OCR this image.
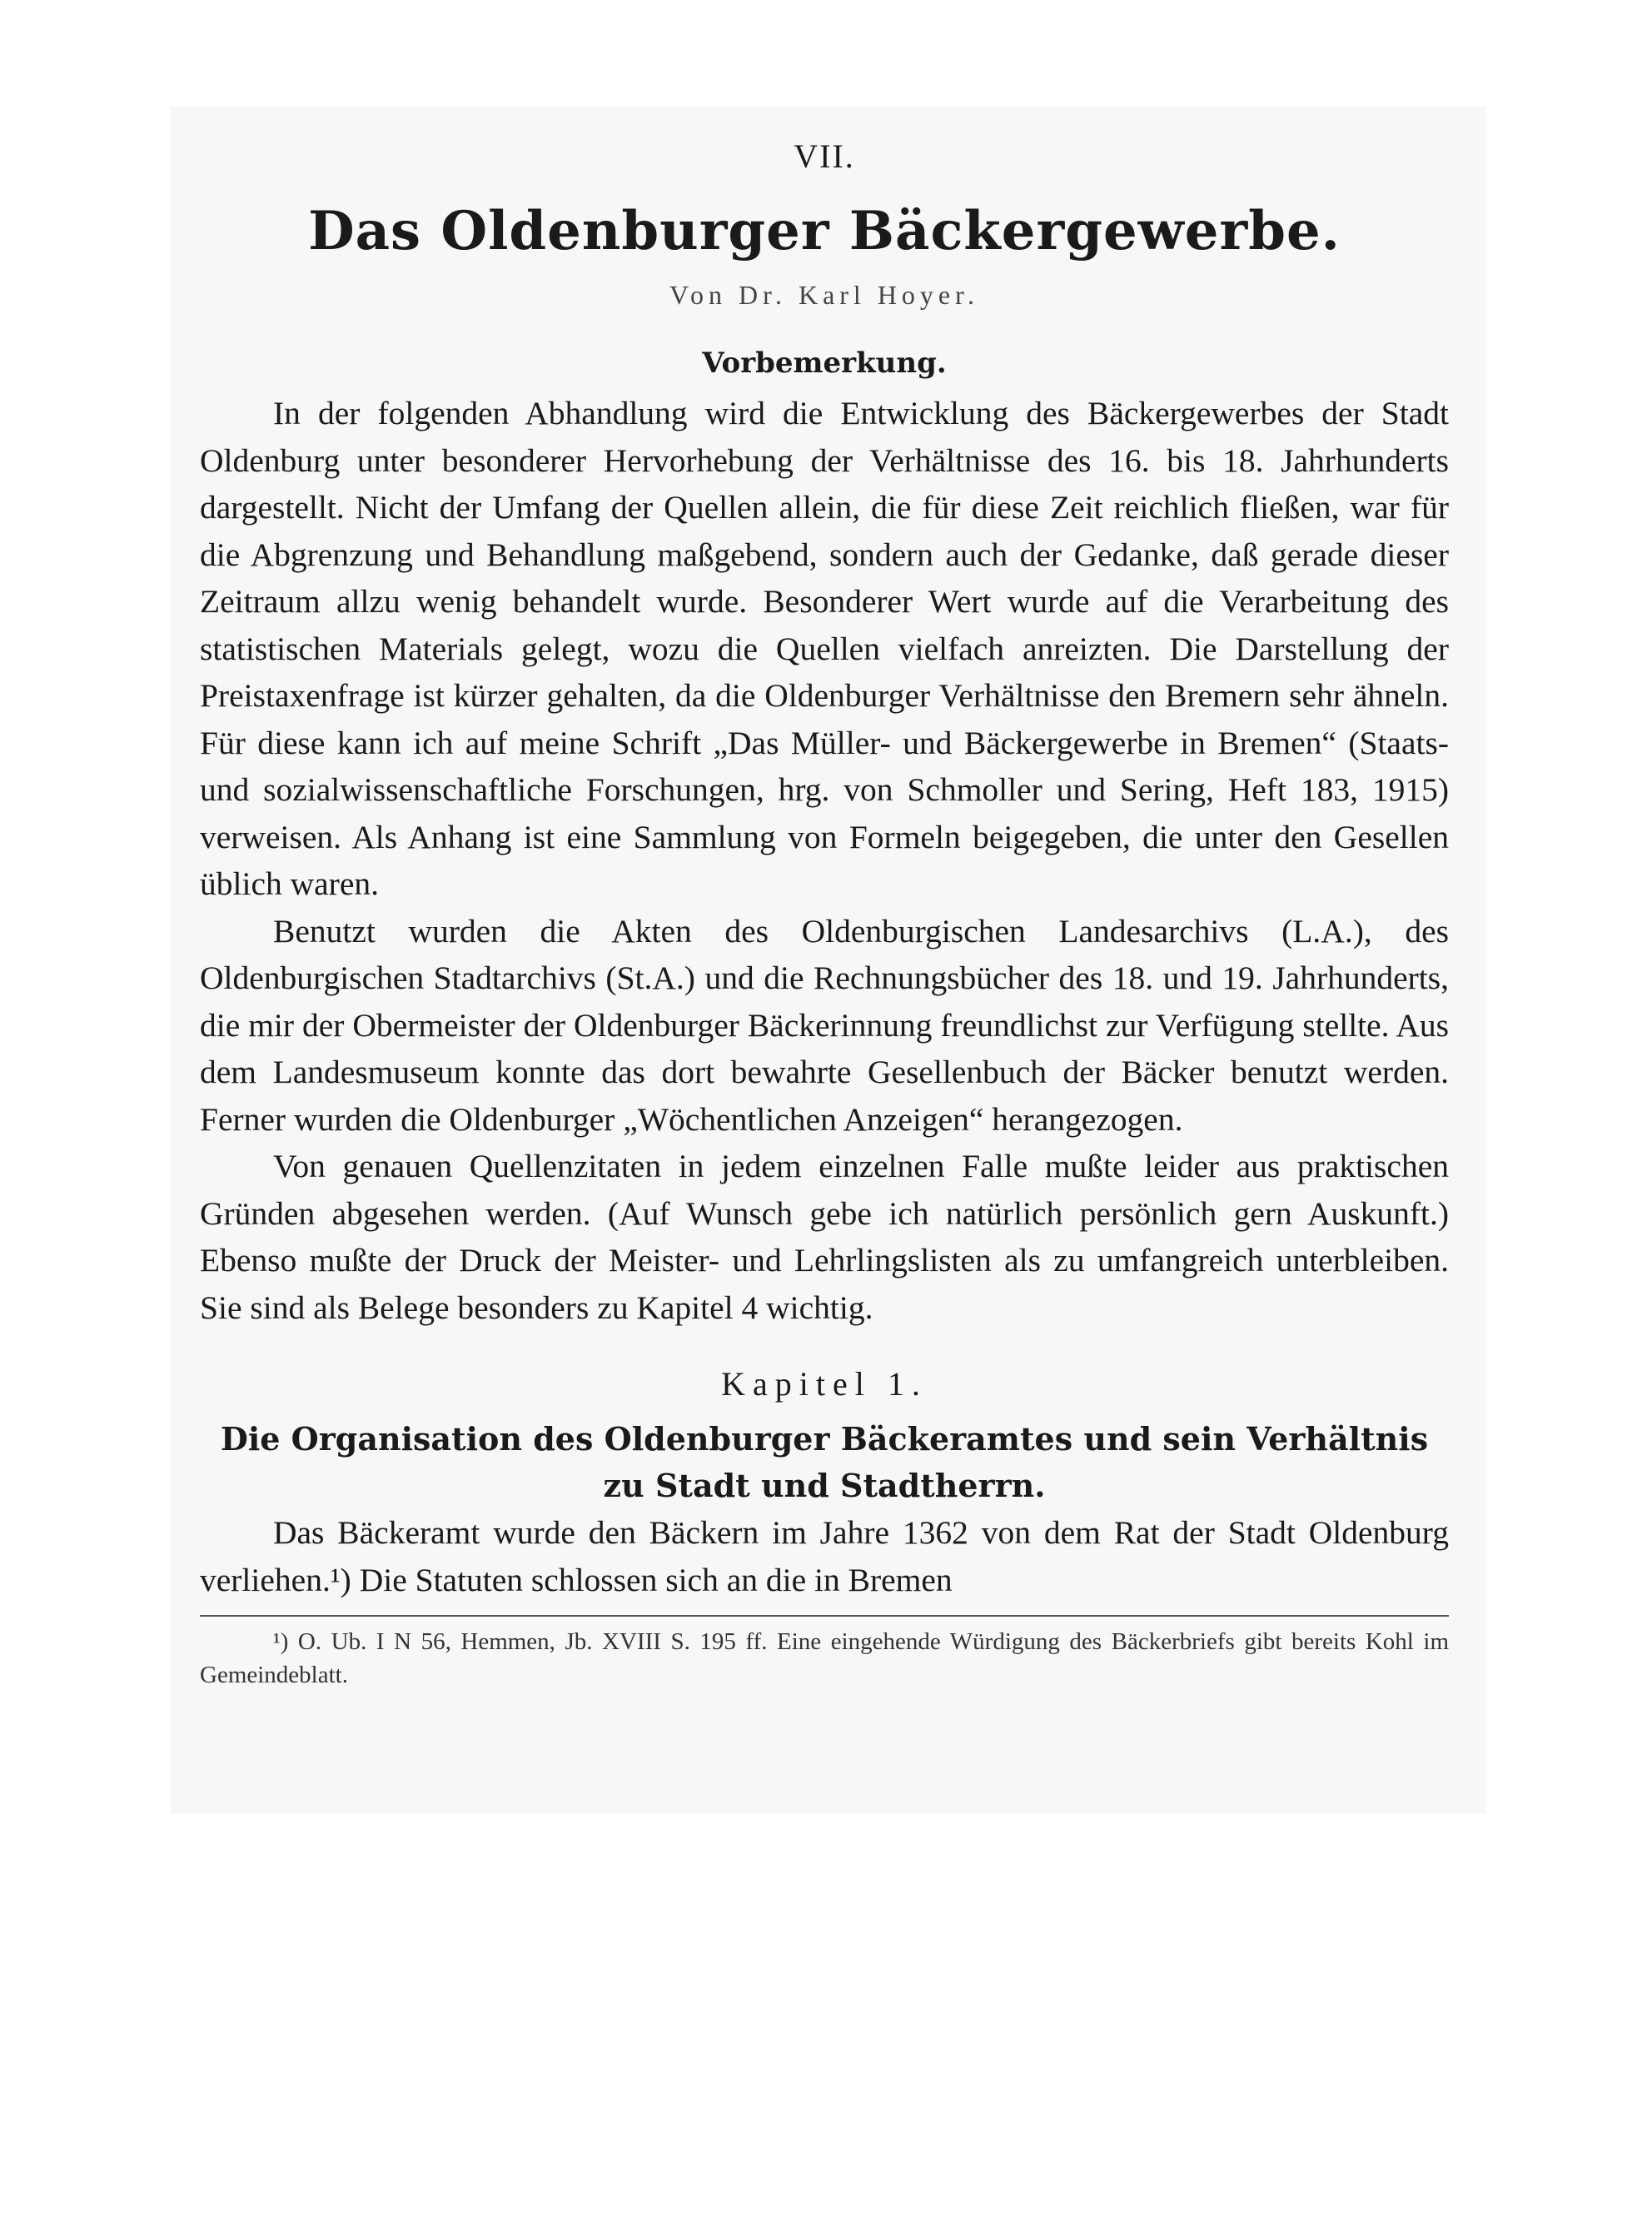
VII.
Das Oldenburger Bäckergewerbe.
Von Dr. Karl Hoyer.
Vorbemerkung.

In der folgenden Abhandlung wird die Entwicklung des Bäckergewerbes der Stadt Oldenburg unter besonderer Hervorhebung der Verhältnisse des 16. bis 18. Jahrhunderts dargestellt. Nicht der Umfang der Quellen allein, die für diese Zeit reichlich fließen, war für die Abgrenzung und Behandlung maßgebend, sondern auch der Gedanke, daß gerade dieser Zeitraum allzu wenig behandelt wurde. Besonderer Wert wurde auf die Verarbeitung des statistischen Materials gelegt, wozu die Quellen vielfach anreizten. Die Darstellung der Preistaxenfrage ist kürzer gehalten, da die Oldenburger Verhältnisse den Bremern sehr ähneln. Für diese kann ich auf meine Schrift „Das Müller- und Bäckergewerbe in Bremen“ (Staats- und sozialwissenschaftliche Forschungen, hrg. von Schmoller und Sering, Heft 183, 1915) verweisen. Als Anhang ist eine Sammlung von Formeln beigegeben, die unter den Gesellen üblich waren.

Benutzt wurden die Akten des Oldenburgischen Landesarchivs (L.A.), des Oldenburgischen Stadtarchivs (St.A.) und die Rechnungsbücher des 18. und 19. Jahrhunderts, die mir der Obermeister der Oldenburger Bäckerinnung freundlichst zur Verfügung stellte. Aus dem Landesmuseum konnte das dort bewahrte Gesellenbuch der Bäcker benutzt werden. Ferner wurden die Oldenburger „Wöchentlichen Anzeigen“ herangezogen.

Von genauen Quellenzitaten in jedem einzelnen Falle mußte leider aus praktischen Gründen abgesehen werden. (Auf Wunsch gebe ich natürlich persönlich gern Auskunft.) Ebenso mußte der Druck der Meister- und Lehrlingslisten als zu umfangreich unterbleiben. Sie sind als Belege besonders zu Kapitel 4 wichtig.

Kapitel 1.
Die Organisation des Oldenburger Bäckeramtes und sein Verhältnis zu Stadt und Stadtherrn.

Das Bäckeramt wurde den Bäckern im Jahre 1362 von dem Rat der Stadt Oldenburg verliehen.¹) Die Statuten schlossen sich an die in Bremen

¹) O. Ub. I N 56, Hemmen, Jb. XVIII S. 195 ff. Eine eingehende Würdigung des Bäckerbriefs gibt bereits Kohl im Gemeindeblatt.
